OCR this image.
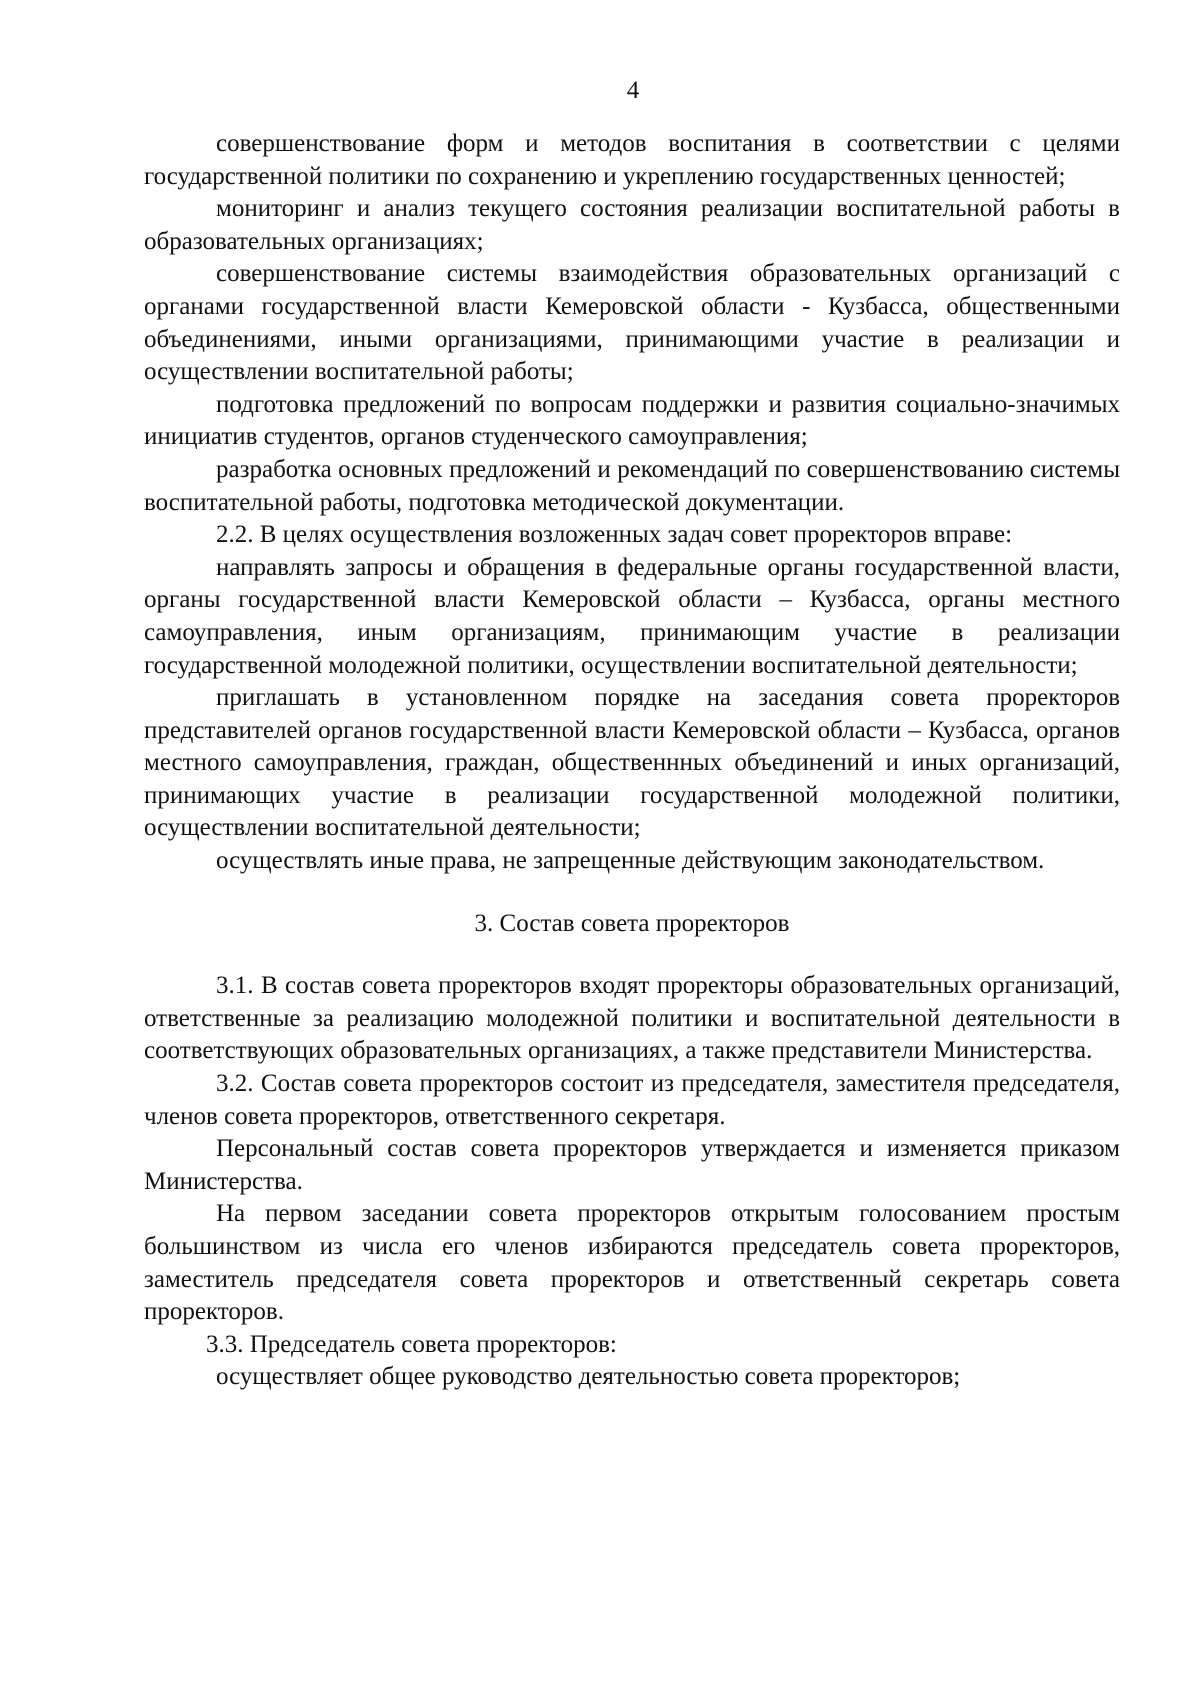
4

совершенствование форм и методов воспитания в соответствии с целями государственной политики по сохранению и укреплению государственных ценностей;

мониторинг и анализ текущего состояния реализации воспитательной работы в образовательных организациях;

совершенствование системы взаимодействия образовательных организаций с органами государственной власти Кемеровской области - Кузбасса, общественными объединениями, иными организациями, принимающими участие в реализации и осуществлении воспитательной работы;

подготовка предложений по вопросам поддержки и развития социально-значимых инициатив студентов, органов студенческого самоуправления;

разработка основных предложений и рекомендаций по совершенствованию системы воспитательной работы, подготовка методической документации.

2.2. В целях осуществления возложенных задач совет проректоров вправе:

направлять запросы и обращения в федеральные органы государственной власти, органы государственной власти Кемеровской области – Кузбасса, органы местного самоуправления, иным организациям, принимающим участие в реализации государственной молодежной политики, осуществлении воспитательной деятельности;

приглашать в установленном порядке на заседания совета проректоров представителей органов государственной власти Кемеровской области – Кузбасса, органов местного самоуправления, граждан, общественнных объединений и иных организаций, принимающих участие в реализации государственной молодежной политики, осуществлении воспитательной деятельности;

осуществлять иные права, не запрещенные действующим законодательством.

3. Состав совета проректоров

3.1. В состав совета проректоров входят проректоры образовательных организаций, ответственные за реализацию молодежной политики и воспитательной деятельности в соответствующих образовательных организациях, а также представители Министерства.

3.2. Состав совета проректоров состоит из председателя, заместителя председателя, членов совета проректоров, ответственного секретаря.

Персональный состав совета проректоров утверждается и изменяется приказом Министерства.

На первом заседании совета проректоров открытым голосованием простым большинством из числа его членов избираются председатель совета проректоров, заместитель председателя совета проректоров и ответственный секретарь совета проректоров.

3.3. Председатель совета проректоров:

осуществляет общее руководство деятельностью совета проректоров;
